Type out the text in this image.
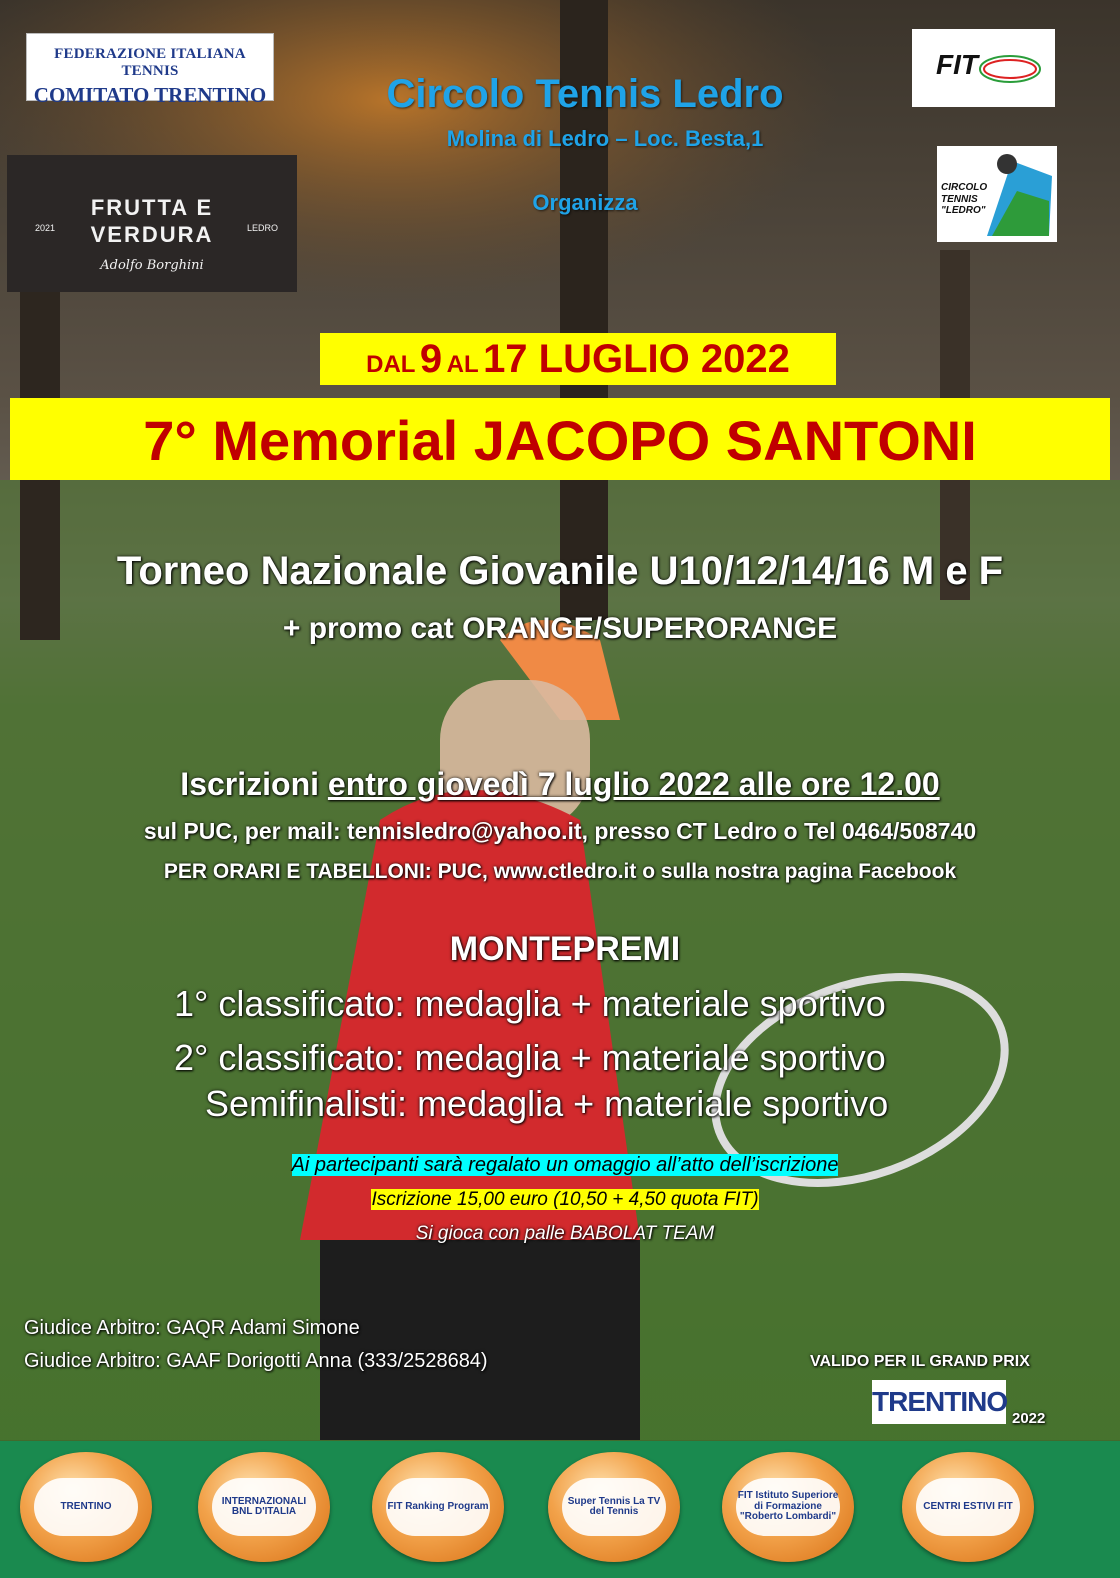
FEDERAZIONE ITALIANA TENNIS
COMITATO TRENTINO
FRUTTA E
VERDURA
2021	LEDRO
Adolfo Borghini
Circolo Tennis Ledro
Molina di Ledro – Loc. Besta,1
Organizza
FIT
CIRCOLO
TENNIS
"LEDRO"
DAL 9 AL 17 LUGLIO 2022
7° Memorial JACOPO SANTONI
Torneo Nazionale Giovanile U10/12/14/16 M e F
+ promo cat ORANGE/SUPERORANGE
Iscrizioni entro giovedì 7 luglio 2022 alle ore 12.00
sul PUC, per mail: tennisledro@yahoo.it, presso CT Ledro o Tel 0464/508740
PER ORARI E TABELLONI: PUC, www.ctledro.it o sulla nostra pagina Facebook
MONTEPREMI
1° classificato: medaglia + materiale sportivo
2° classificato: medaglia + materiale sportivo
Semifinalisti: medaglia + materiale sportivo
Ai partecipanti sarà regalato un omaggio all’atto dell’iscrizione
Iscrizione 15,00 euro (10,50 + 4,50 quota FIT)
Si gioca con palle BABOLAT TEAM
Giudice Arbitro: GAQR Adami Simone
Giudice Arbitro: GAAF Dorigotti Anna (333/2528684)	VALIDO PER IL GRAND PRIX
TRENTINO
2022
TRENTINO	INTERNAZIONALI BNL D'ITALIA	FIT Ranking Program	Super Tennis La TV del Tennis
FIT Istituto Superiore di Formazione "Roberto Lombardi"
CENTRI ESTIVI FIT
